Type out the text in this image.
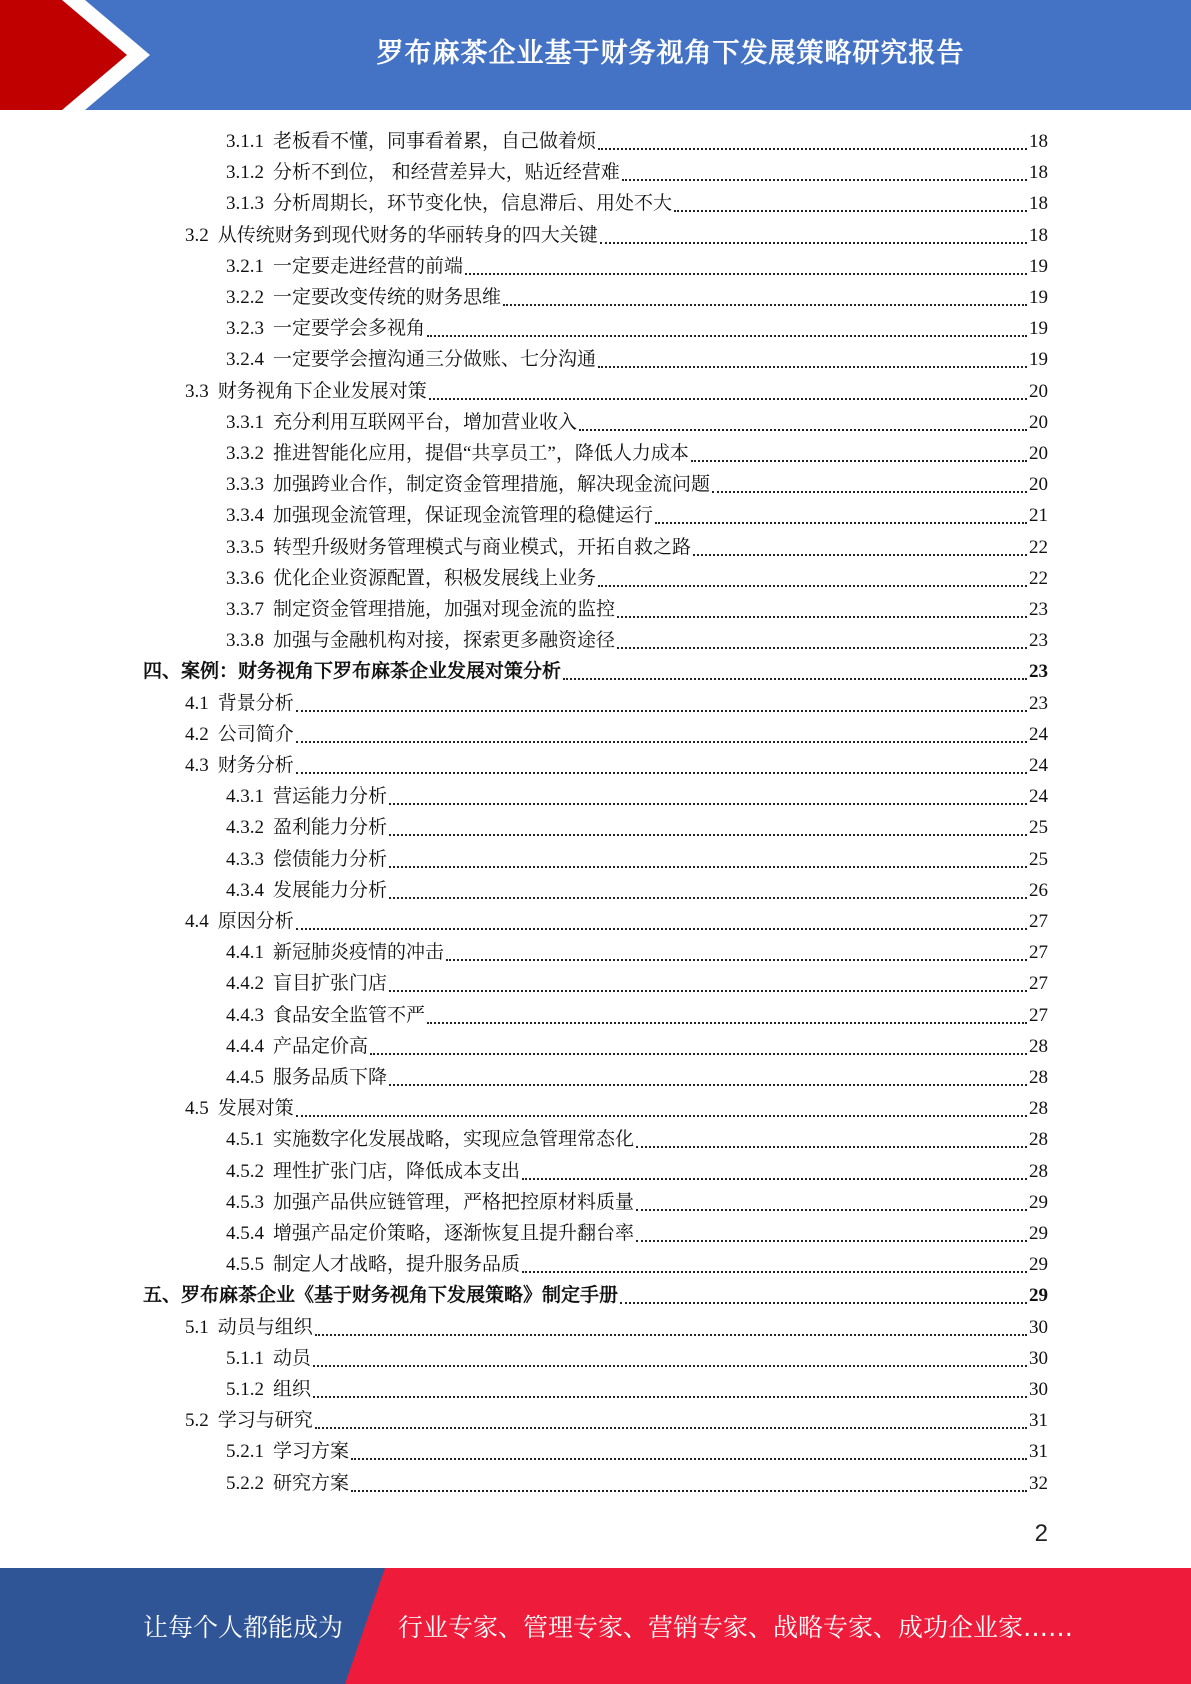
罗布麻茶企业基于财务视角下发展策略研究报告
3.1.1 老板看不懂，同事看着累，自己做着烦	18
3.1.2 分析不到位， 和经营差异大，贴近经营难	18
3.1.3 分析周期长，环节变化快，信息滞后、用处不大	18
3.2 从传统财务到现代财务的华丽转身的四大关键	18
3.2.1 一定要走进经营的前端	19
3.2.2 一定要改变传统的财务思维	19
3.2.3 一定要学会多视角	19
3.2.4 一定要学会擅沟通三分做账、七分沟通	19
3.3 财务视角下企业发展对策	20
3.3.1 充分利用互联网平台，增加营业收入	20
3.3.2 推进智能化应用，提倡“共享员工”，降低人力成本	20
3.3.3 加强跨业合作，制定资金管理措施，解决现金流问题	20
3.3.4 加强现金流管理，保证现金流管理的稳健运行	21
3.3.5 转型升级财务管理模式与商业模式，开拓自救之路	22
3.3.6 优化企业资源配置，积极发展线上业务	22
3.3.7 制定资金管理措施，加强对现金流的监控	23
3.3.8 加强与金融机构对接，探索更多融资途径	23
四、案例：财务视角下罗布麻茶企业发展对策分析	23
4.1 背景分析	23
4.2 公司简介	24
4.3 财务分析	24
4.3.1 营运能力分析	24
4.3.2 盈利能力分析	25
4.3.3 偿债能力分析	25
4.3.4 发展能力分析	26
4.4 原因分析	27
4.4.1 新冠肺炎疫情的冲击	27
4.4.2 盲目扩张门店	27
4.4.3 食品安全监管不严	27
4.4.4 产品定价高	28
4.4.5 服务品质下降	28
4.5 发展对策	28
4.5.1 实施数字化发展战略，实现应急管理常态化	28
4.5.2 理性扩张门店，降低成本支出	28
4.5.3 加强产品供应链管理，严格把控原材料质量	29
4.5.4 增强产品定价策略，逐渐恢复且提升翻台率	29
4.5.5 制定人才战略，提升服务品质	29
五、罗布麻茶企业《基于财务视角下发展策略》制定手册	29
5.1 动员与组织	30
5.1.1 动员	30
5.1.2 组织	30
5.2 学习与研究	31
5.2.1 学习方案	31
5.2.2 研究方案	32
2
让每个人都能成为 行业专家、管理专家、营销专家、战略专家、成功企业家……
